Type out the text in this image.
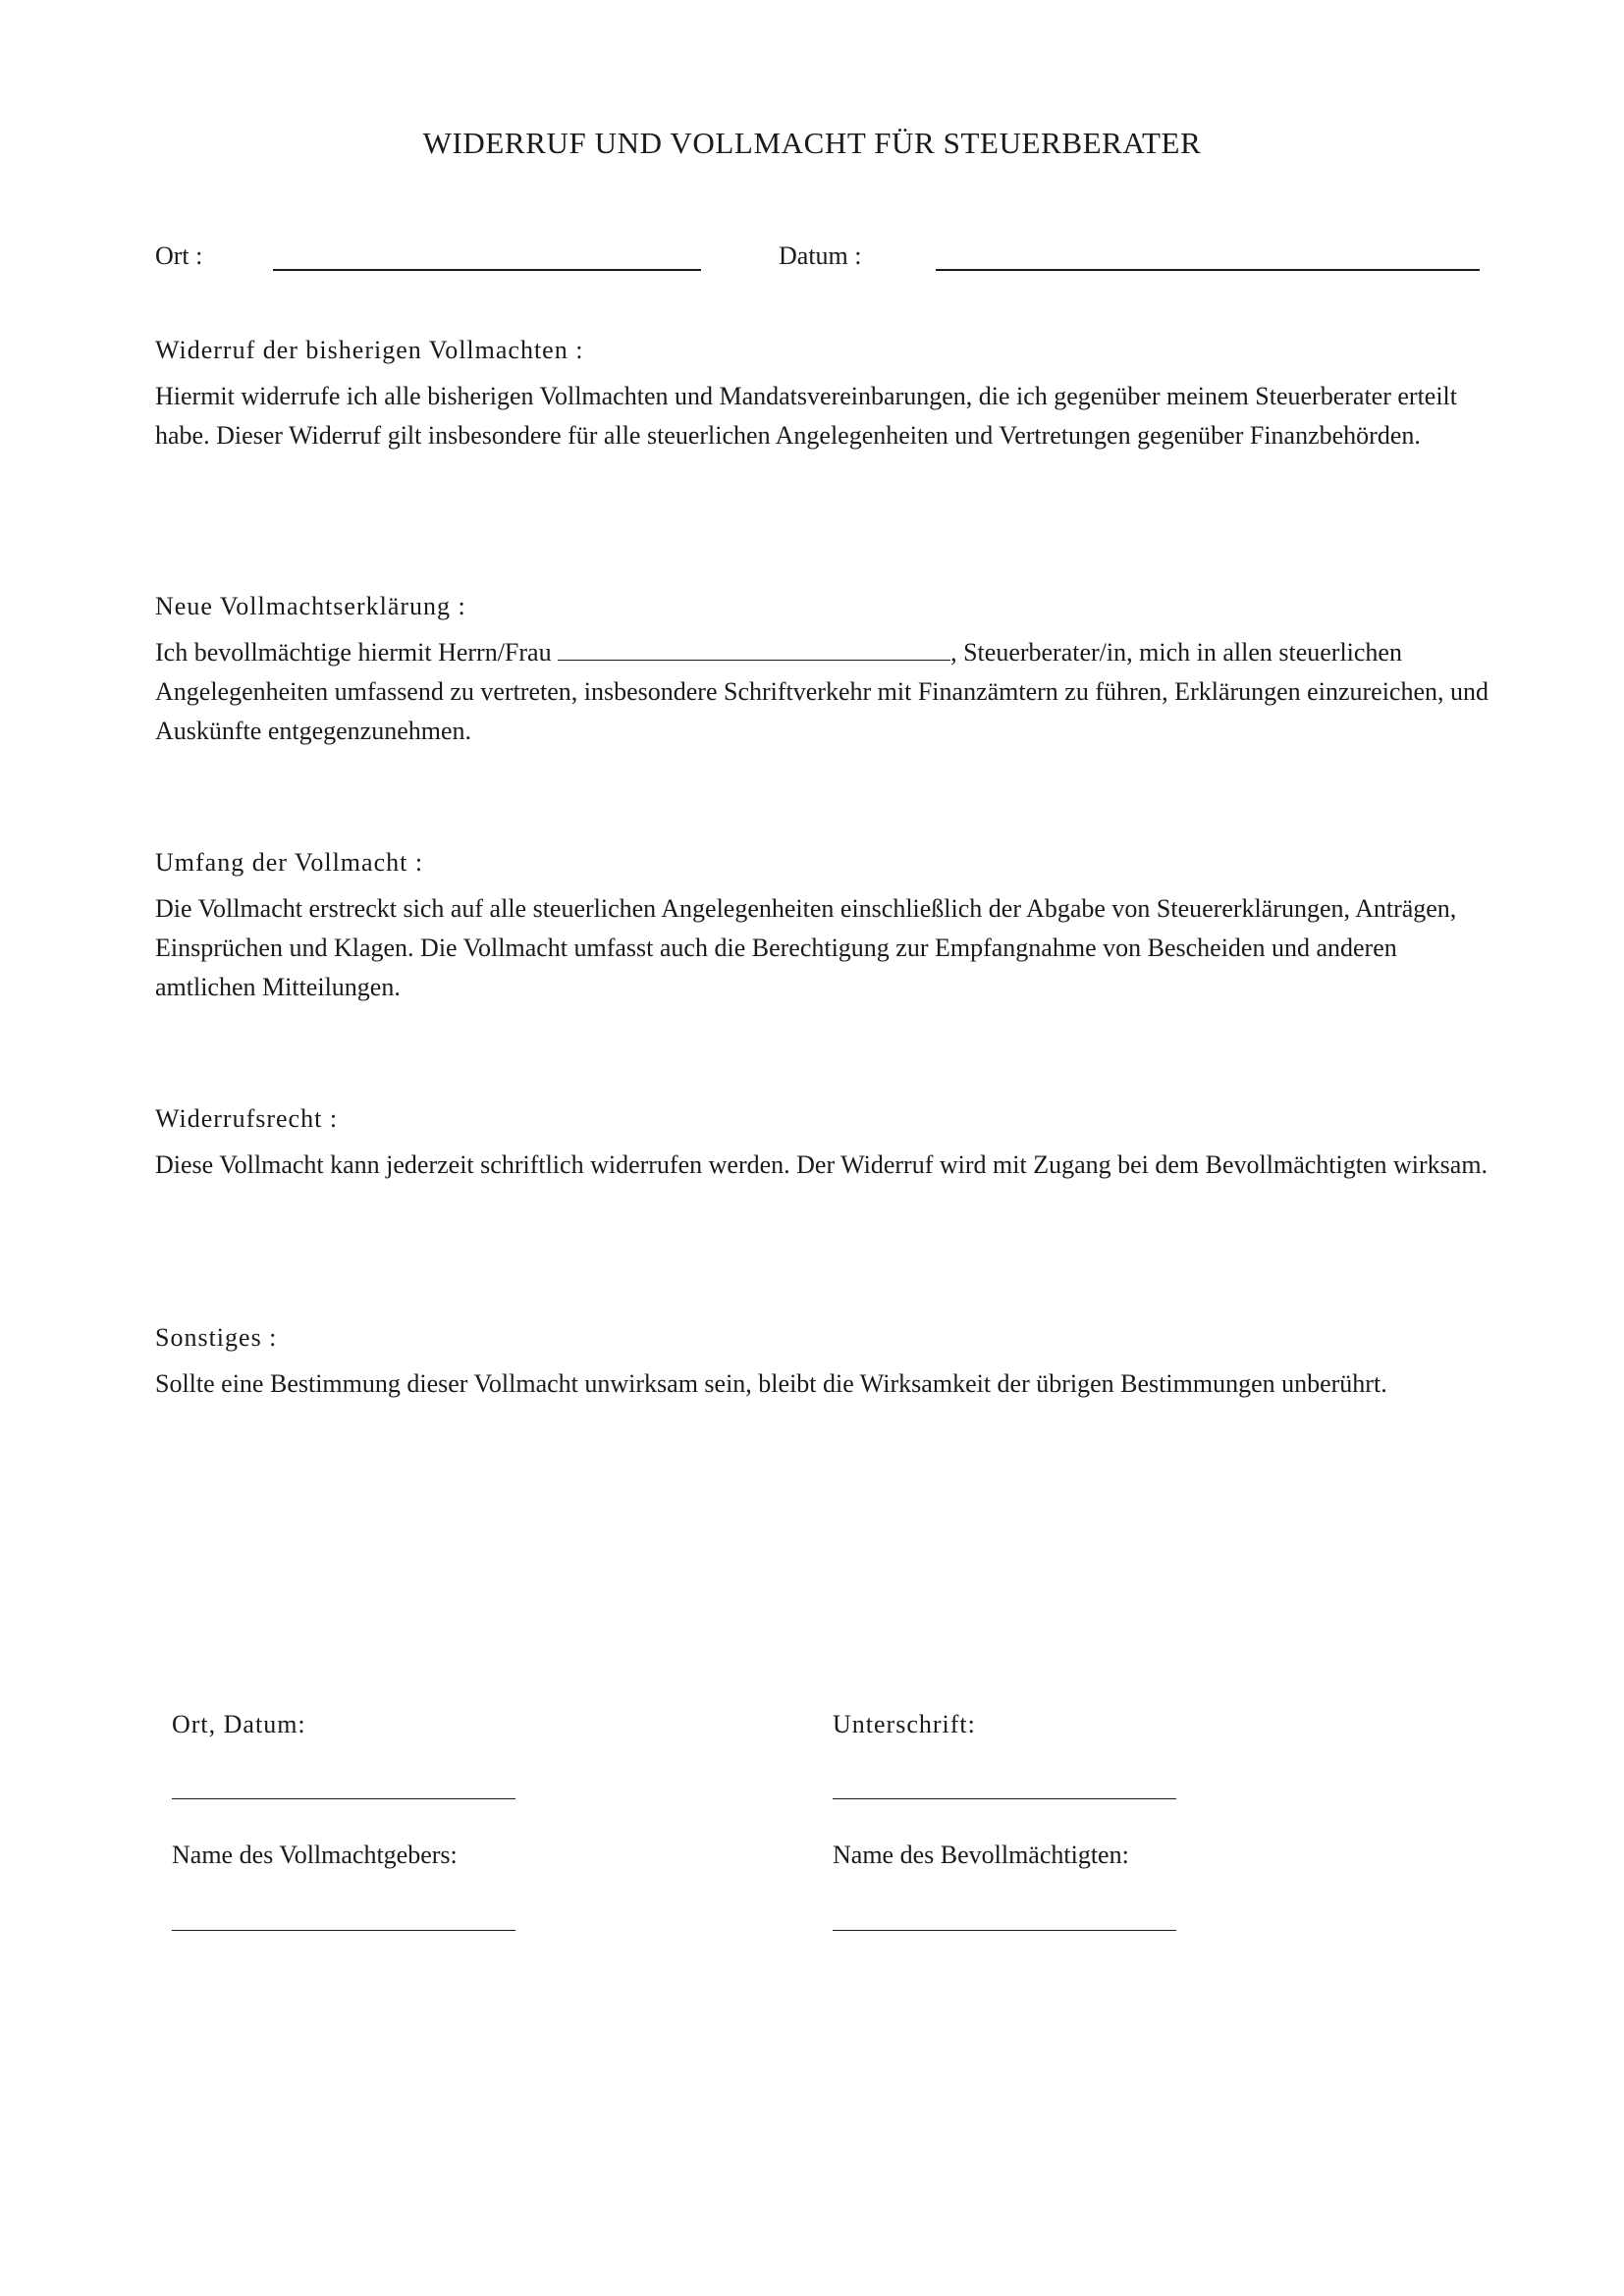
WIDERRUF UND VOLLMACHT FÜR STEUERBERATER
Ort :	Datum :

Widerruf der bisherigen Vollmachten :

Hiermit widerrufe ich alle bisherigen Vollmachten und Mandatsvereinbarungen, die ich gegenüber meinem Steuerberater erteilt habe. Dieser Widerruf gilt insbesondere für alle steuerlichen Angelegenheiten und Vertretungen gegenüber Finanzbehörden.

Neue Vollmachtserklärung :

Ich bevollmächtige hiermit Herrn/Frau	, Steuerberater/in, mich in allen steuerlichen Angelegenheiten umfassend zu vertreten, insbesondere Schriftverkehr mit Finanzämtern zu führen, Erklärungen einzureichen, und Auskünfte entgegenzunehmen.

Umfang der Vollmacht :

Die Vollmacht erstreckt sich auf alle steuerlichen Angelegenheiten einschließlich der Abgabe von Steuererklärungen, Anträgen, Einsprüchen und Klagen. Die Vollmacht umfasst auch die Berechtigung zur Empfangnahme von Bescheiden und anderen amtlichen Mitteilungen.

Widerrufsrecht :

Diese Vollmacht kann jederzeit schriftlich widerrufen werden. Der Widerruf wird mit Zugang bei dem Bevollmächtigten wirksam.

Sonstiges :

Sollte eine Bestimmung dieser Vollmacht unwirksam sein, bleibt die Wirksamkeit der übrigen Bestimmungen unberührt.

Ort, Datum:	Unterschrift:
Name des Vollmachtgebers:	Name des Bevollmächtigten:
